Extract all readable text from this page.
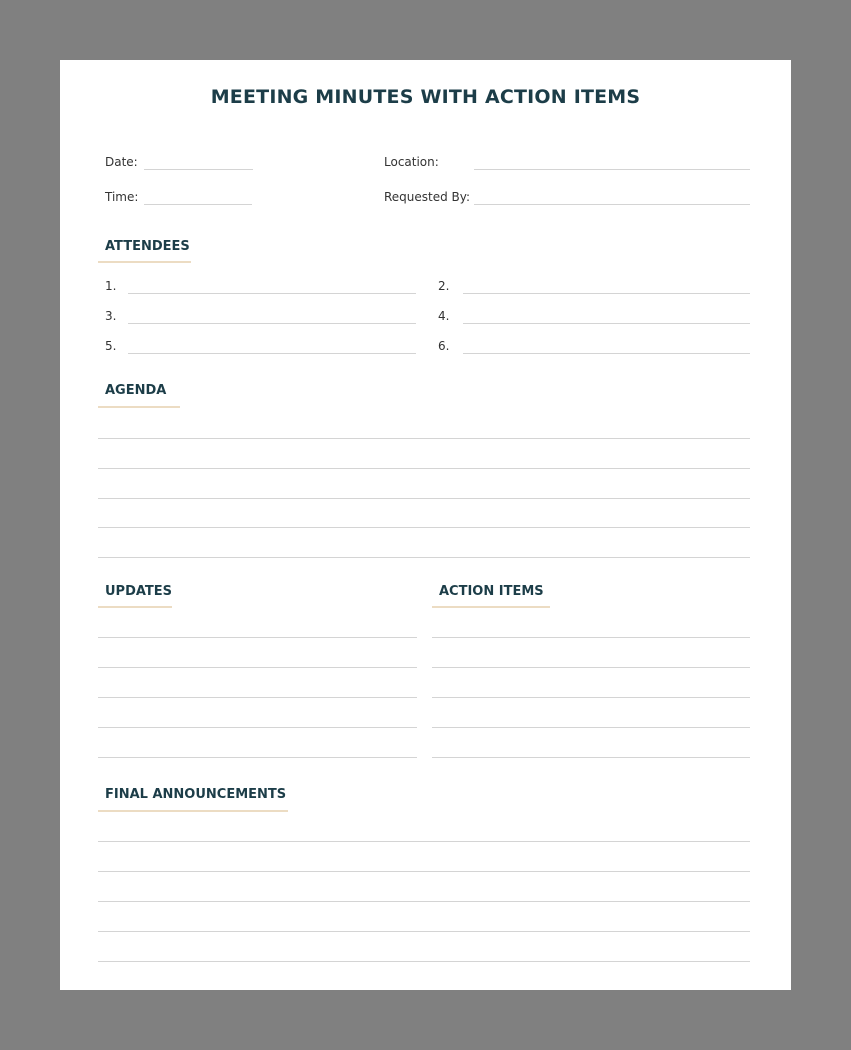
MEETING MINUTES WITH ACTION ITEMS
Date:	Location:
Time:	Requested By:
ATTENDEES
1.	2.
3.	4.
5.	6.
AGENDA
UPDATES	ACTION ITEMS
FINAL ANNOUNCEMENTS
